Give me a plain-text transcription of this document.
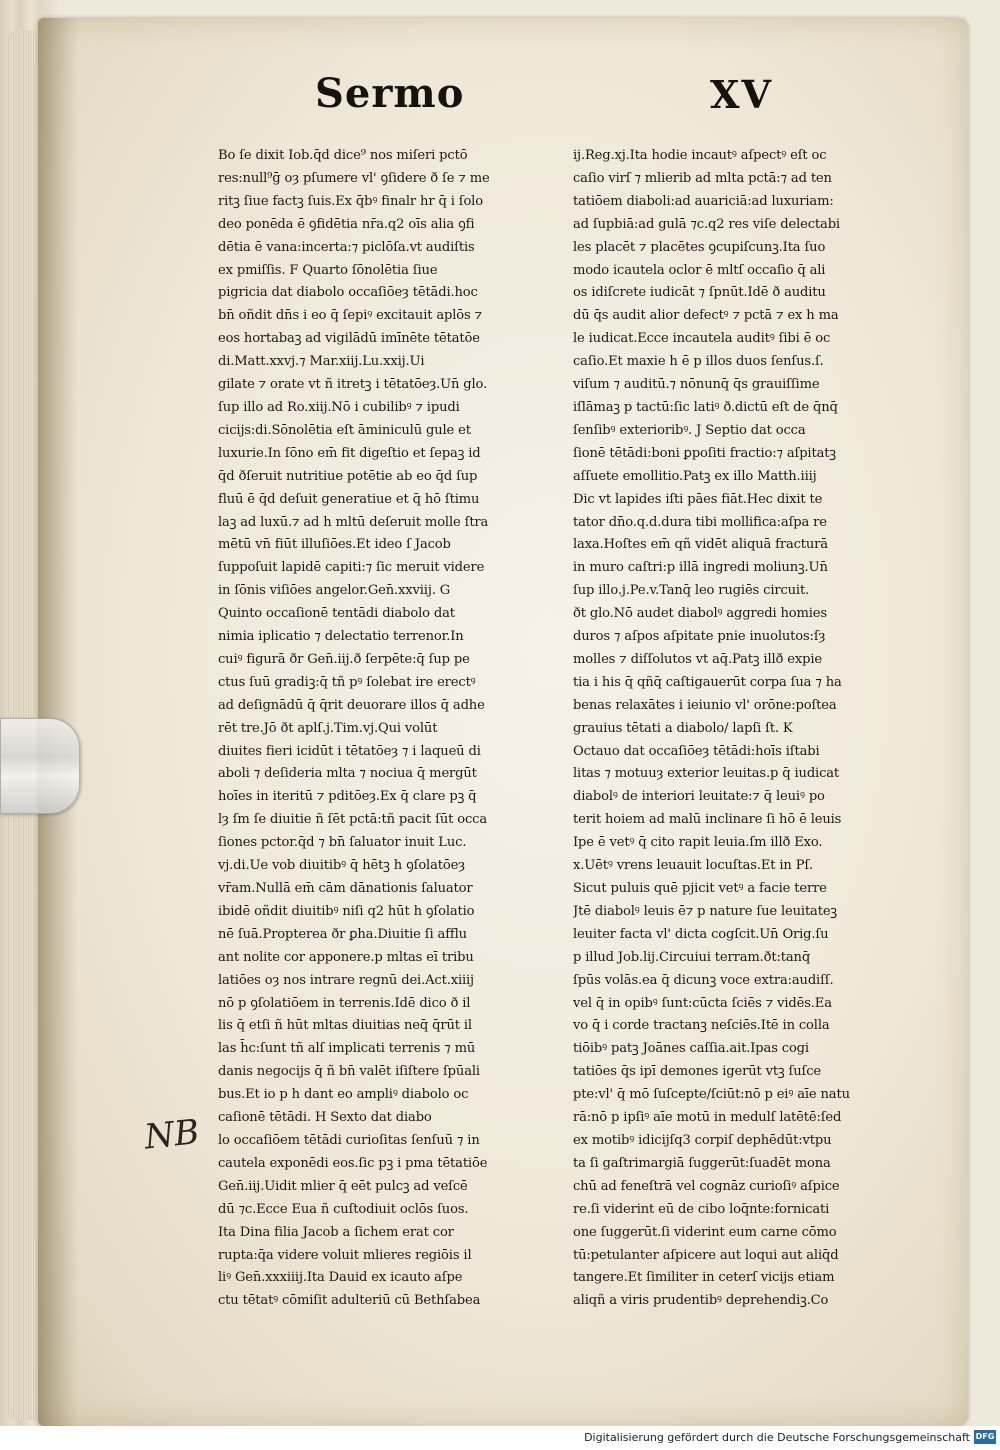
Sermo	XV
Bo ſe dixit Iob.q̄d dice⁹ nos miſeri pctō
res:null⁹ḡ oȝ pſumere vl' ꝯſidere ð ſe ⁊ me
ritꝫ ſiue factꝫ ſuis.Ex q̄bꝰ finalr hr q̄ i ſolo
deo ponēda ē ꝯfidētia nr̄a.q2 oīs alia ꝯfi
dētia ē vana:incerta:⁊ piclōſa.vt audiſtis
ex pmiſſis. F Quarto ſōnolētia ſiue
pigricia dat diabolo occaſiōeȝ tētādi.hoc
bn̄ oñdit dn̄s i eo q̄ ſepiꝰ excitauit aplōs ⁊
eos hortabaꝫ ad vigilādū imīnēte tētatōe
di.Matt.xxvj.⁊ Mar.xiij.Lu.xxij.Ui
gilate ⁊ orate vt ñ itretꝫ i tētatōeȝ.Un̄ glo.
ſup illo ad Ro.xiij.Nō i cubilibꝰ ⁊ ipudi
cicijs:di.Sōnolētia eſt āminiculū gule et
luxurie.In ſōno em̄ fit digeſtio et ſepaꝫ id
q̄d ðſeruit nutritiue potētie ab eo q̄d ſup
fluū ē q̄d deſuit generatiue et q̄ hō ſtimu
laꝫ ad luxū.⁊ ad h mltū deſeruit molle ſtra
mētū vn̄ fiūt illuſiōes.Et ideo ſ Jacob
ſuppoſuit lapidē capiti:⁊ ſic meruit videre
in ſōnis viſiōes angelor.Gen̄.xxviij. G
Quinto occaſionē tentādi diabolo dat
nimia iplicatio ⁊ delectatio terrenor.In
cuiꝰ figurā ðr Gen̄.iij.ð ſerpēte:q̄ ſup pe
ctus ſuū gradiꝫ:q̄ tñ pꝰ ſolebat ire erectꝰ
ad deſignādū q̄ q̄rit deuorare illos q̄ adhe
rēt tre.Jō ðt aplſ.j.Tim.vj.Qui volūt
diuites fieri icidūt i tētatōeȝ ⁊ i laqueū di
aboli ⁊ deſideria mlta ⁊ nociua q̄ mergūt
hoīes in iteritū ⁊ pditōeȝ.Ex q̄ clare pꝫ q̄
lȝ ſm ſe diuitie ñ ſēt pctā:tñ pacit ſūt occa
ſiones pctor.q̄d ⁊ bn̄ ſaluator inuit Luc.
vj.di.Ue vob diuitibꝰ q̄ hētꝫ h ꝯſolatōeȝ
vr̄am.Nullā em̄ cām dānationis ſaluator
ibidē oñdit diuitibꝰ niſi q2 hūt h ꝯſolatio
nē ſuā.Propterea ðr ꝑha.Diuitie ſi afflu
ant nolite cor apponere.p mltas eī tribu
latiōes oȝ nos intrare regnū dei.Act.xiiij
nō p ꝯſolatiōem in terrenis.Idē dico ð il
lis q̄ etſi ñ hūt mltas diuitias neq̄ q̄rūt il
las h̄c:ſunt tñ alſ implicati terrenis ⁊ mū
danis negocijs q̄ ñ bn̄ valēt iſiſtere ſpūali
bus.Et io p h dant eo ampliꝰ diabolo oc
caſionē tētādi. H Sexto dat diabo
lo occaſiōem tētādi curioſitas ſenſuū ⁊ in
cautela exponēdi eos.ſic pꝫ i pma tētatiōe
Gen̄.iij.Uidit mlier q̄ eēt pulcꝫ ad veſcē
dū ⁊c.Ecce Eua ñ cuſtodiuit oclōs ſuos.
Ita Dina filia Jacob a ſichem erat cor
rupta:q̄a videre voluit mlieres regiōis il
liꝰ Gen̄.xxxiiij.Ita Dauid ex icauto aſpe
ctu tētatꝰ cōmiſit adulteriū cū Bethſabea
ij.Reg.xj.Ita hodie incautꝰ aſpectꝰ eſt oc
caſio virſ ⁊ mlierib ad mlta pctā:⁊ ad ten
tatiōem diaboli:ad auariciā:ad luxuriam:
ad ſupbiā:ad gulā ⁊c.q2 res viſe delectabi
les placēt ⁊ placētes ꝯcupiſcunꝫ.Ita ſuo
modo icautela oclor ē mltſ occaſio q̄ ali
os idiſcrete iudicāt ⁊ ſpnūt.Idē ð auditu
dū q̄s audit alior defectꝰ ⁊ pctā ⁊ ex h ma
le iudicat.Ecce incautela auditꝰ ſibi ē oc
caſio.Et maxie h ē p illos duos ſenſus.ſ.
viſum ⁊ auditū.⁊ nōnunq̄ q̄s grauiſſime
iſlāmaꝫ p tactū:ſic latiꝰ ð.dictū eſt de q̄nq̄
ſenſibꝰ exterioribꝰ. J Septio dat occa
ſionē tētādi:boni ꝑpoſiti fractio:⁊ aſpitatꝫ
aſſuete emollitio.Patꝫ ex illo Matth.iiij
Dic vt lapides iſti pāes fiāt.Hec dixit te
tator dn̄o.q.d.dura tibi mollifica:aſpa re
laxa.Hoſtes em̄ qñ vidēt aliquā fracturā
in muro caſtri:p illā ingredi moliunꝫ.Un̄
ſup illo.j.Pe.v.Tanq̄ leo rugiēs circuit.
ðt glo.Nō audet diabolꝰ aggredi homies
duros ⁊ aſpos aſpitate pnie inuolutos:ſȝ
molles ⁊ diſſolutos vt aq̄.Patꝫ illð expie
tia i his q̄ qñq̄ caſtigauerūt corpa ſua ⁊ ha
benas relaxātes i ieiunio vl' orōne:poſtea
grauius tētati a diabolo/ lapſi ſt. K
Octauo dat occaſiōeȝ tētādi:hoīs iſtabi
litas ⁊ motuuȝ exterior leuitas.p q̄ iudicat
diabolꝰ de interiori leuitate:⁊ q̄ leuiꝰ po
terit hoiem ad malū inclinare ſi hō ē leuis
Ipe ē vetꝰ q̄ cito rapit leuia.ſm illð Exo.
x.Uētꝰ vrens leuauit locuſtas.Et in Pſ.
Sicut puluis quē pjicit vetꝰ a facie terre
Jtē diabolꝰ leuis ē⁊ p nature ſue leuitateꝫ
leuiter facta vl' dicta cogſcit.Un̄ Orig.ſu
p illud Job.lij.Circuiui terram.ðt:tanq̄
ſpūs volās.ea q̄ dicunꝫ voce extra:audiſſ.
vel q̄ in opibꝰ ſunt:cūcta ſciēs ⁊ vidēs.Ea
vo q̄ i corde tractanꝫ neſciēs.Itē in colla
tiōibꝰ patꝫ Joānes caſſia.ait.Ipas cogi
tatiōes q̄s ipī demones igerūt vtꝫ ſuſce
pte:vl' q̄ mō ſuſcepte/ſciūt:nō p eiꝰ aīe natu
rā:nō p ipſiꝰ aīe motū in medulſ latētē:ſed
ex motibꝰ idicijſq3 corpiſ dephēdūt:vtpu
ta ſi gaſtrimargiā ſuggerūt:ſuadēt mona
chū ad feneſtrā vel cognāz curioſiꝰ aſpice
re.ſi viderint eū de cibo loq̄nte:fornicati
one ſuggerūt.ſi viderint eum carne cōmo
tū:petulanter aſpicere aut loqui aut aliq̄d
tangere.Et ſimiliter in ceterſ vicijs etiam
aliqñ a viris prudentibꝰ deprehendiꝫ.Co
NB
Digitalisierung gefördert durch die Deutsche Forschungsgemeinschaft DFG
